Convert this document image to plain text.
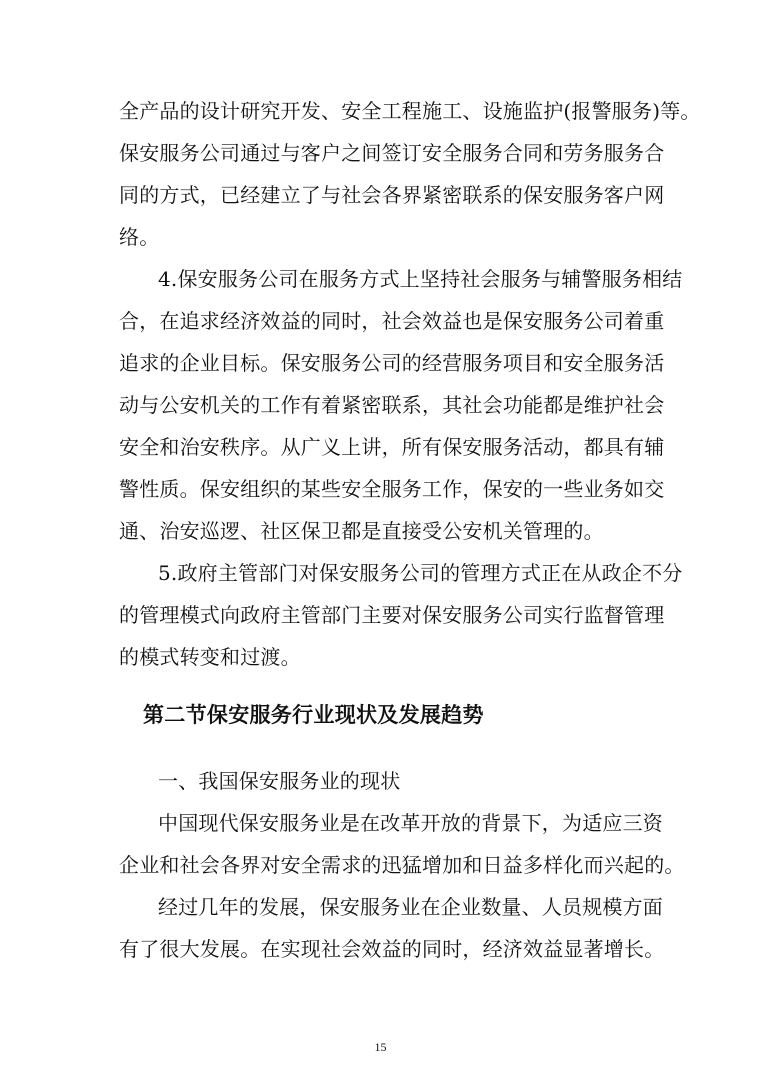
全产品的设计研究开发、安全工程施工、设施监护(报警服务)等。
保安服务公司通过与客户之间签订安全服务合同和劳务服务合
同的方式，已经建立了与社会各界紧密联系的保安服务客户网
络。
4.保安服务公司在服务方式上坚持社会服务与辅警服务相结
合，在追求经济效益的同时，社会效益也是保安服务公司着重
追求的企业目标。保安服务公司的经营服务项目和安全服务活
动与公安机关的工作有着紧密联系，其社会功能都是维护社会
安全和治安秩序。从广义上讲，所有保安服务活动，都具有辅
警性质。保安组织的某些安全服务工作，保安的一些业务如交
通、治安巡逻、社区保卫都是直接受公安机关管理的。
5.政府主管部门对保安服务公司的管理方式正在从政企不分
的管理模式向政府主管部门主要对保安服务公司实行监督管理
的模式转变和过渡。
第二节保安服务行业现状及发展趋势
一、我国保安服务业的现状
中国现代保安服务业是在改革开放的背景下，为适应三资
企业和社会各界对安全需求的迅猛增加和日益多样化而兴起的。
经过几年的发展，保安服务业在企业数量、人员规模方面
有了很大发展。在实现社会效益的同时，经济效益显著增长。
15
